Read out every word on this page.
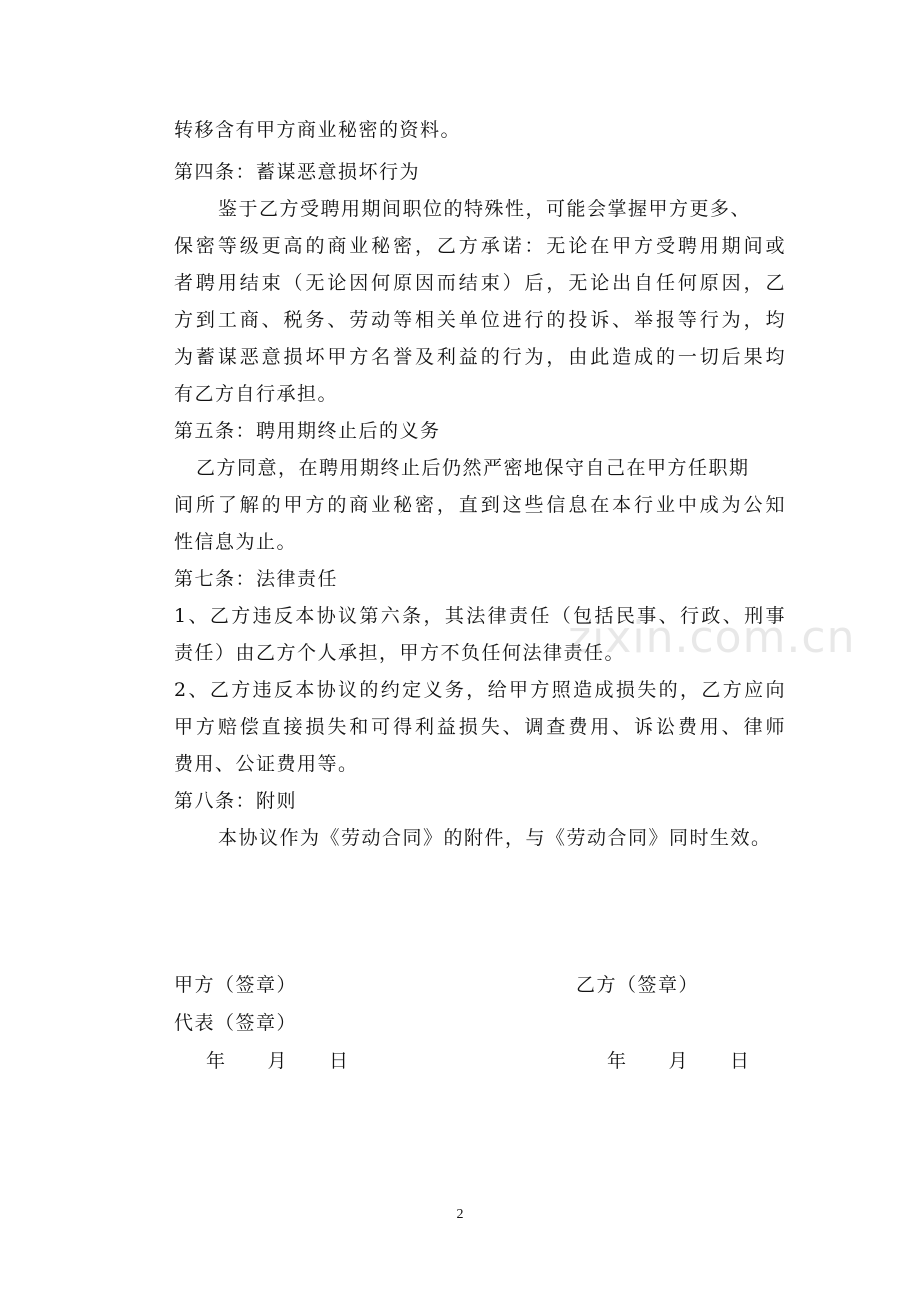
转移含有甲方商业秘密的资料。
第四条：蓄谋恶意损坏行为
鉴于乙方受聘用期间职位的特殊性，可能会掌握甲方更多、
保密等级更高的商业秘密，乙方承诺：无论在甲方受聘用期间或
者聘用结束（无论因何原因而结束）后，无论出自任何原因，乙
方到工商、税务、劳动等相关单位进行的投诉、举报等行为，均
为蓄谋恶意损坏甲方名誉及利益的行为，由此造成的一切后果均
有乙方自行承担。
第五条：聘用期终止后的义务
乙方同意，在聘用期终止后仍然严密地保守自己在甲方任职期
间所了解的甲方的商业秘密，直到这些信息在本行业中成为公知
性信息为止。
第七条：法律责任
1、乙方违反本协议第六条，其法律责任（包括民事、行政、刑事
责任）由乙方个人承担，甲方不负任何法律责任。
2、乙方违反本协议的约定义务，给甲方照造成损失的，乙方应向
甲方赔偿直接损失和可得利益损失、调查费用、诉讼费用、律师
费用、公证费用等。
第八条：附则
本协议作为《劳动合同》的附件，与《劳动合同》同时生效。
甲方（签章）	乙方（签章）
代表（签章）
年　　月　　日	年　　月　　日
zixin.com.cn
2
